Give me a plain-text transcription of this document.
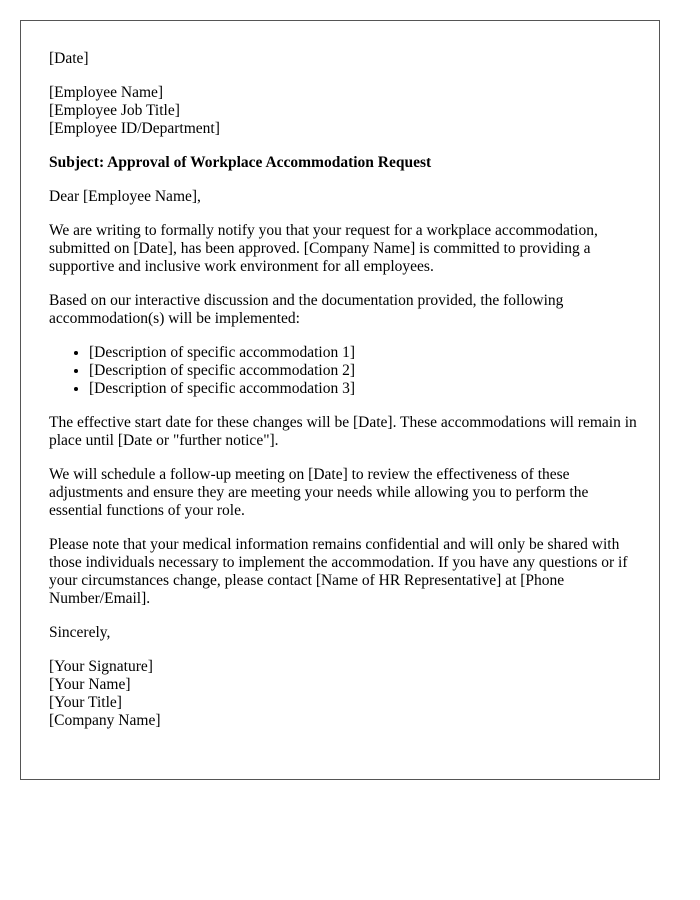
[Date]
[Employee Name]
[Employee Job Title]
[Employee ID/Department]
Subject: Approval of Workplace Accommodation Request
Dear [Employee Name],
We are writing to formally notify you that your request for a workplace accommodation, submitted on [Date], has been approved. [Company Name] is committed to providing a supportive and inclusive work environment for all employees.
Based on our interactive discussion and the documentation provided, the following accommodation(s) will be implemented:
• [Description of specific accommodation 1]
• [Description of specific accommodation 2]
• [Description of specific accommodation 3]
The effective start date for these changes will be [Date]. These accommodations will remain in place until [Date or "further notice"].
We will schedule a follow-up meeting on [Date] to review the effectiveness of these adjustments and ensure they are meeting your needs while allowing you to perform the essential functions of your role.
Please note that your medical information remains confidential and will only be shared with those individuals necessary to implement the accommodation. If you have any questions or if your circumstances change, please contact [Name of HR Representative] at [Phone Number/Email].
Sincerely,
[Your Signature]
[Your Name]
[Your Title]
[Company Name]
